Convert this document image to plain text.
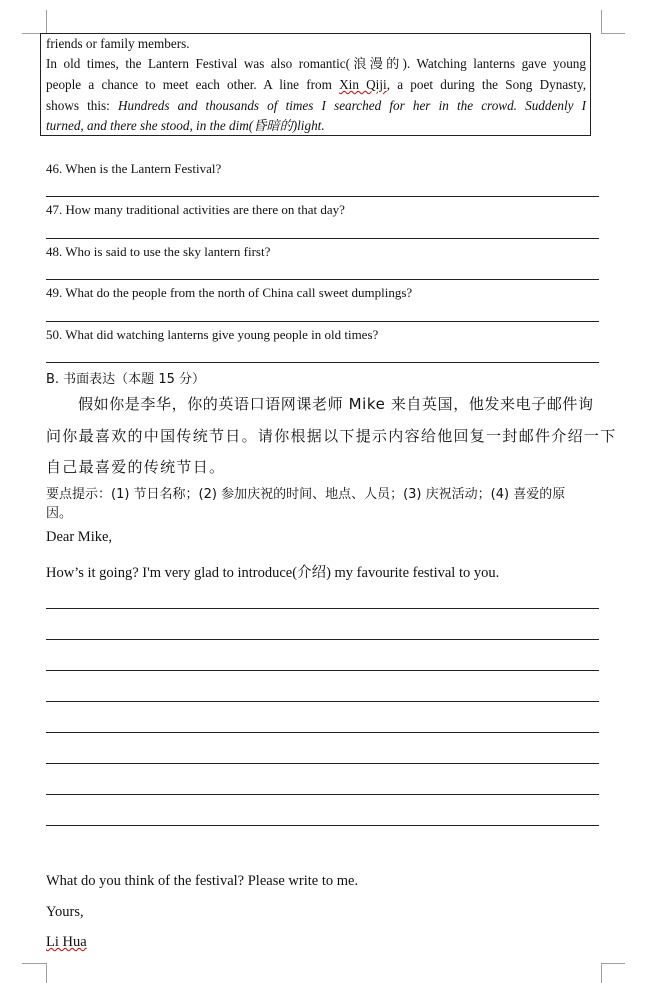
friends or family members.
In old times, the Lantern Festival was also romantic(浪漫的). Watching lanterns gave young
people a chance to meet each other. A line from Xin Qiji, a poet during the Song Dynasty,
shows this: Hundreds and thousands of times I searched for her in the crowd. Suddenly I
turned, and there she stood, in the dim(昏暗的)light.
46. When is the Lantern Festival?
47. How many traditional activities are there on that day?
48. Who is said to use the sky lantern first?
49. What do the people from the north of China call sweet dumplings?
50. What did watching lanterns give young people in old times?
B. 书面表达（本题 15 分）
假如你是李华，你的英语口语网课老师 Mike 来自英国，他发来电子邮件询
问你最喜欢的中国传统节日。请你根据以下提示内容给他回复一封邮件介绍一下
自己最喜爱的传统节日。
要点提示：(1) 节日名称；(2) 参加庆祝的时间、地点、人员；(3) 庆祝活动；(4) 喜爱的原
因。
Dear Mike,
How’s it going? I'm very glad to introduce(介绍) my favourite festival to you.
What do you think of the festival? Please write to me.
Yours,
Li Hua
